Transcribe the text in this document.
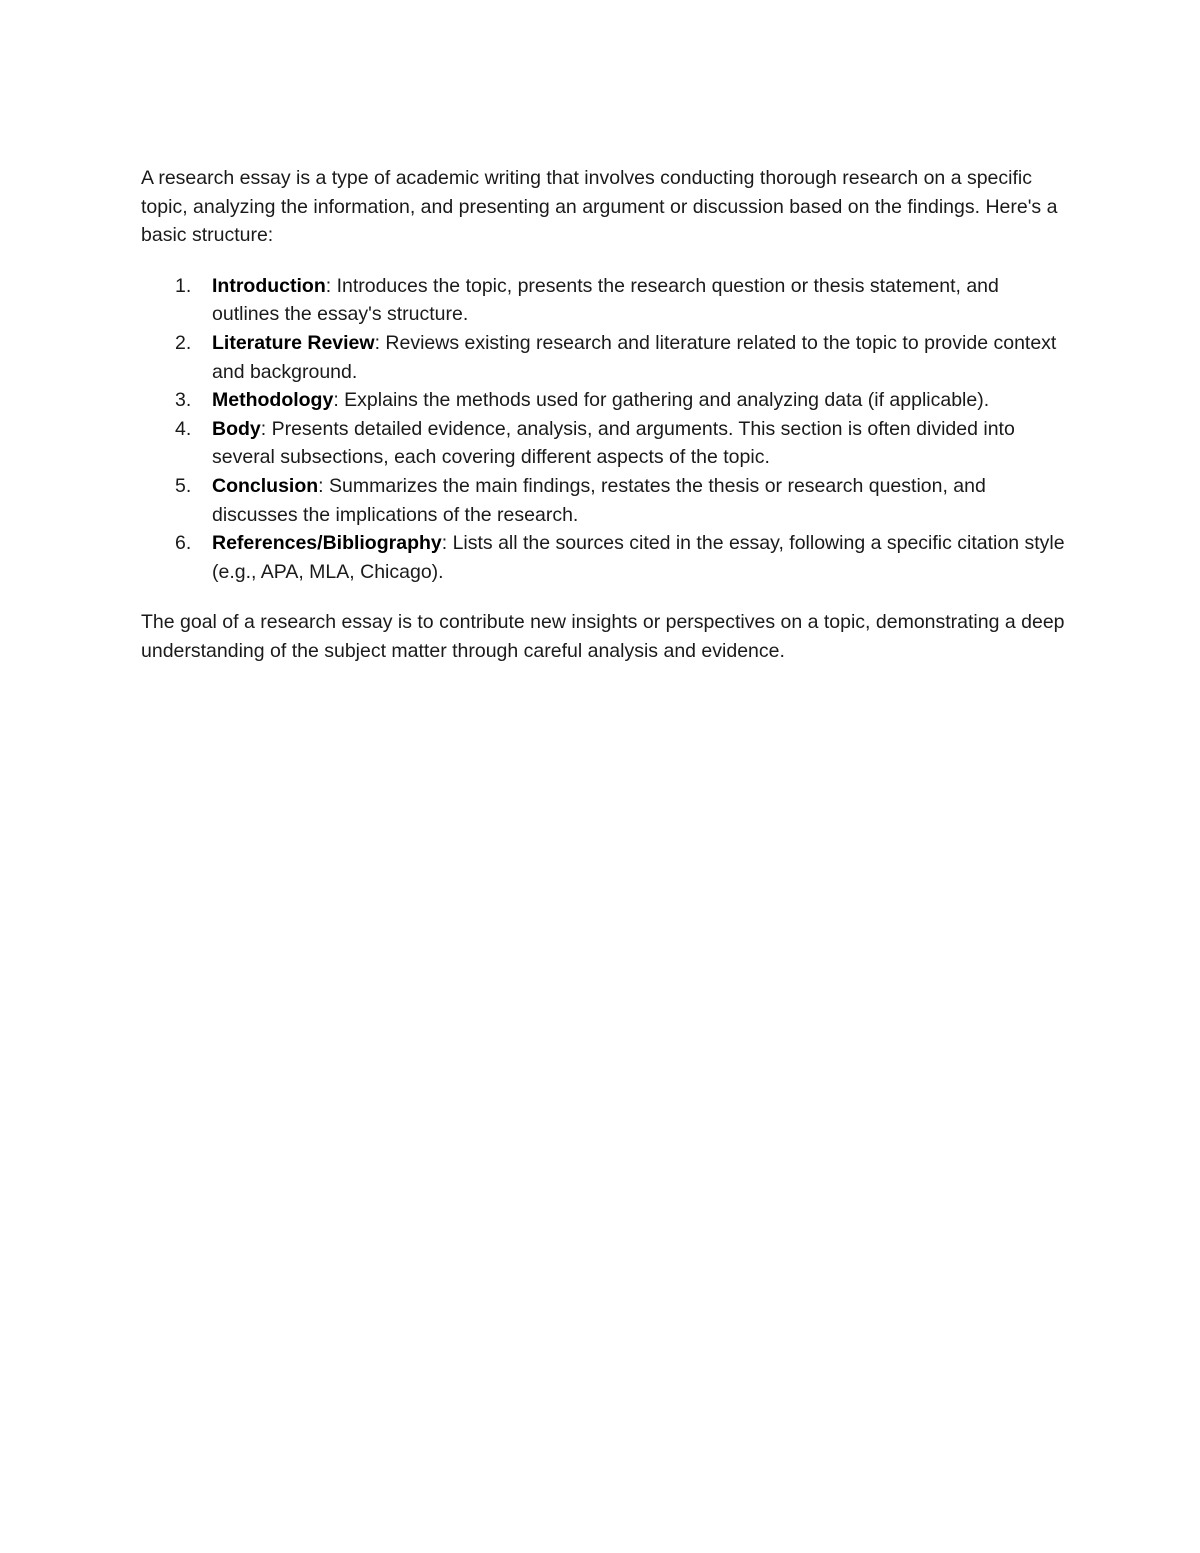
A research essay is a type of academic writing that involves conducting thorough research on a specific topic, analyzing the information, and presenting an argument or discussion based on the findings. Here's a basic structure:

1. Introduction: Introduces the topic, presents the research question or thesis statement, and outlines the essay's structure.
2. Literature Review: Reviews existing research and literature related to the topic to provide context and background.
3. Methodology: Explains the methods used for gathering and analyzing data (if applicable).
4. Body: Presents detailed evidence, analysis, and arguments. This section is often divided into several subsections, each covering different aspects of the topic.
5. Conclusion: Summarizes the main findings, restates the thesis or research question, and discusses the implications of the research.
6. References/Bibliography: Lists all the sources cited in the essay, following a specific citation style (e.g., APA, MLA, Chicago).

The goal of a research essay is to contribute new insights or perspectives on a topic, demonstrating a deep understanding of the subject matter through careful analysis and evidence.
